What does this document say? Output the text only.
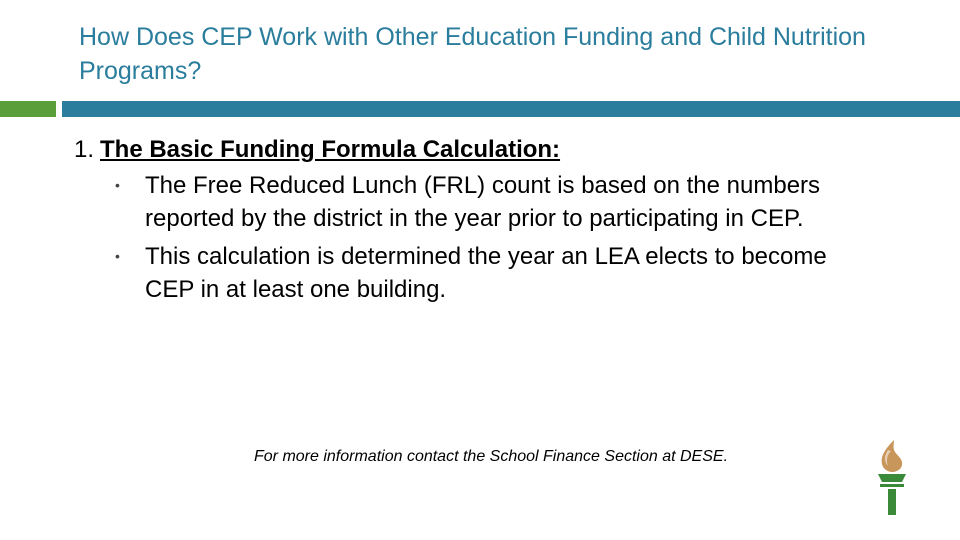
How Does CEP Work with Other Education Funding and Child Nutrition Programs?

1. The Basic Funding Formula Calculation:

• The Free Reduced Lunch (FRL) count is based on the numbers reported by the district in the year prior to participating in CEP.
• This calculation is determined the year an LEA elects to become CEP in at least one building.

For more information contact the School Finance Section at DESE.
